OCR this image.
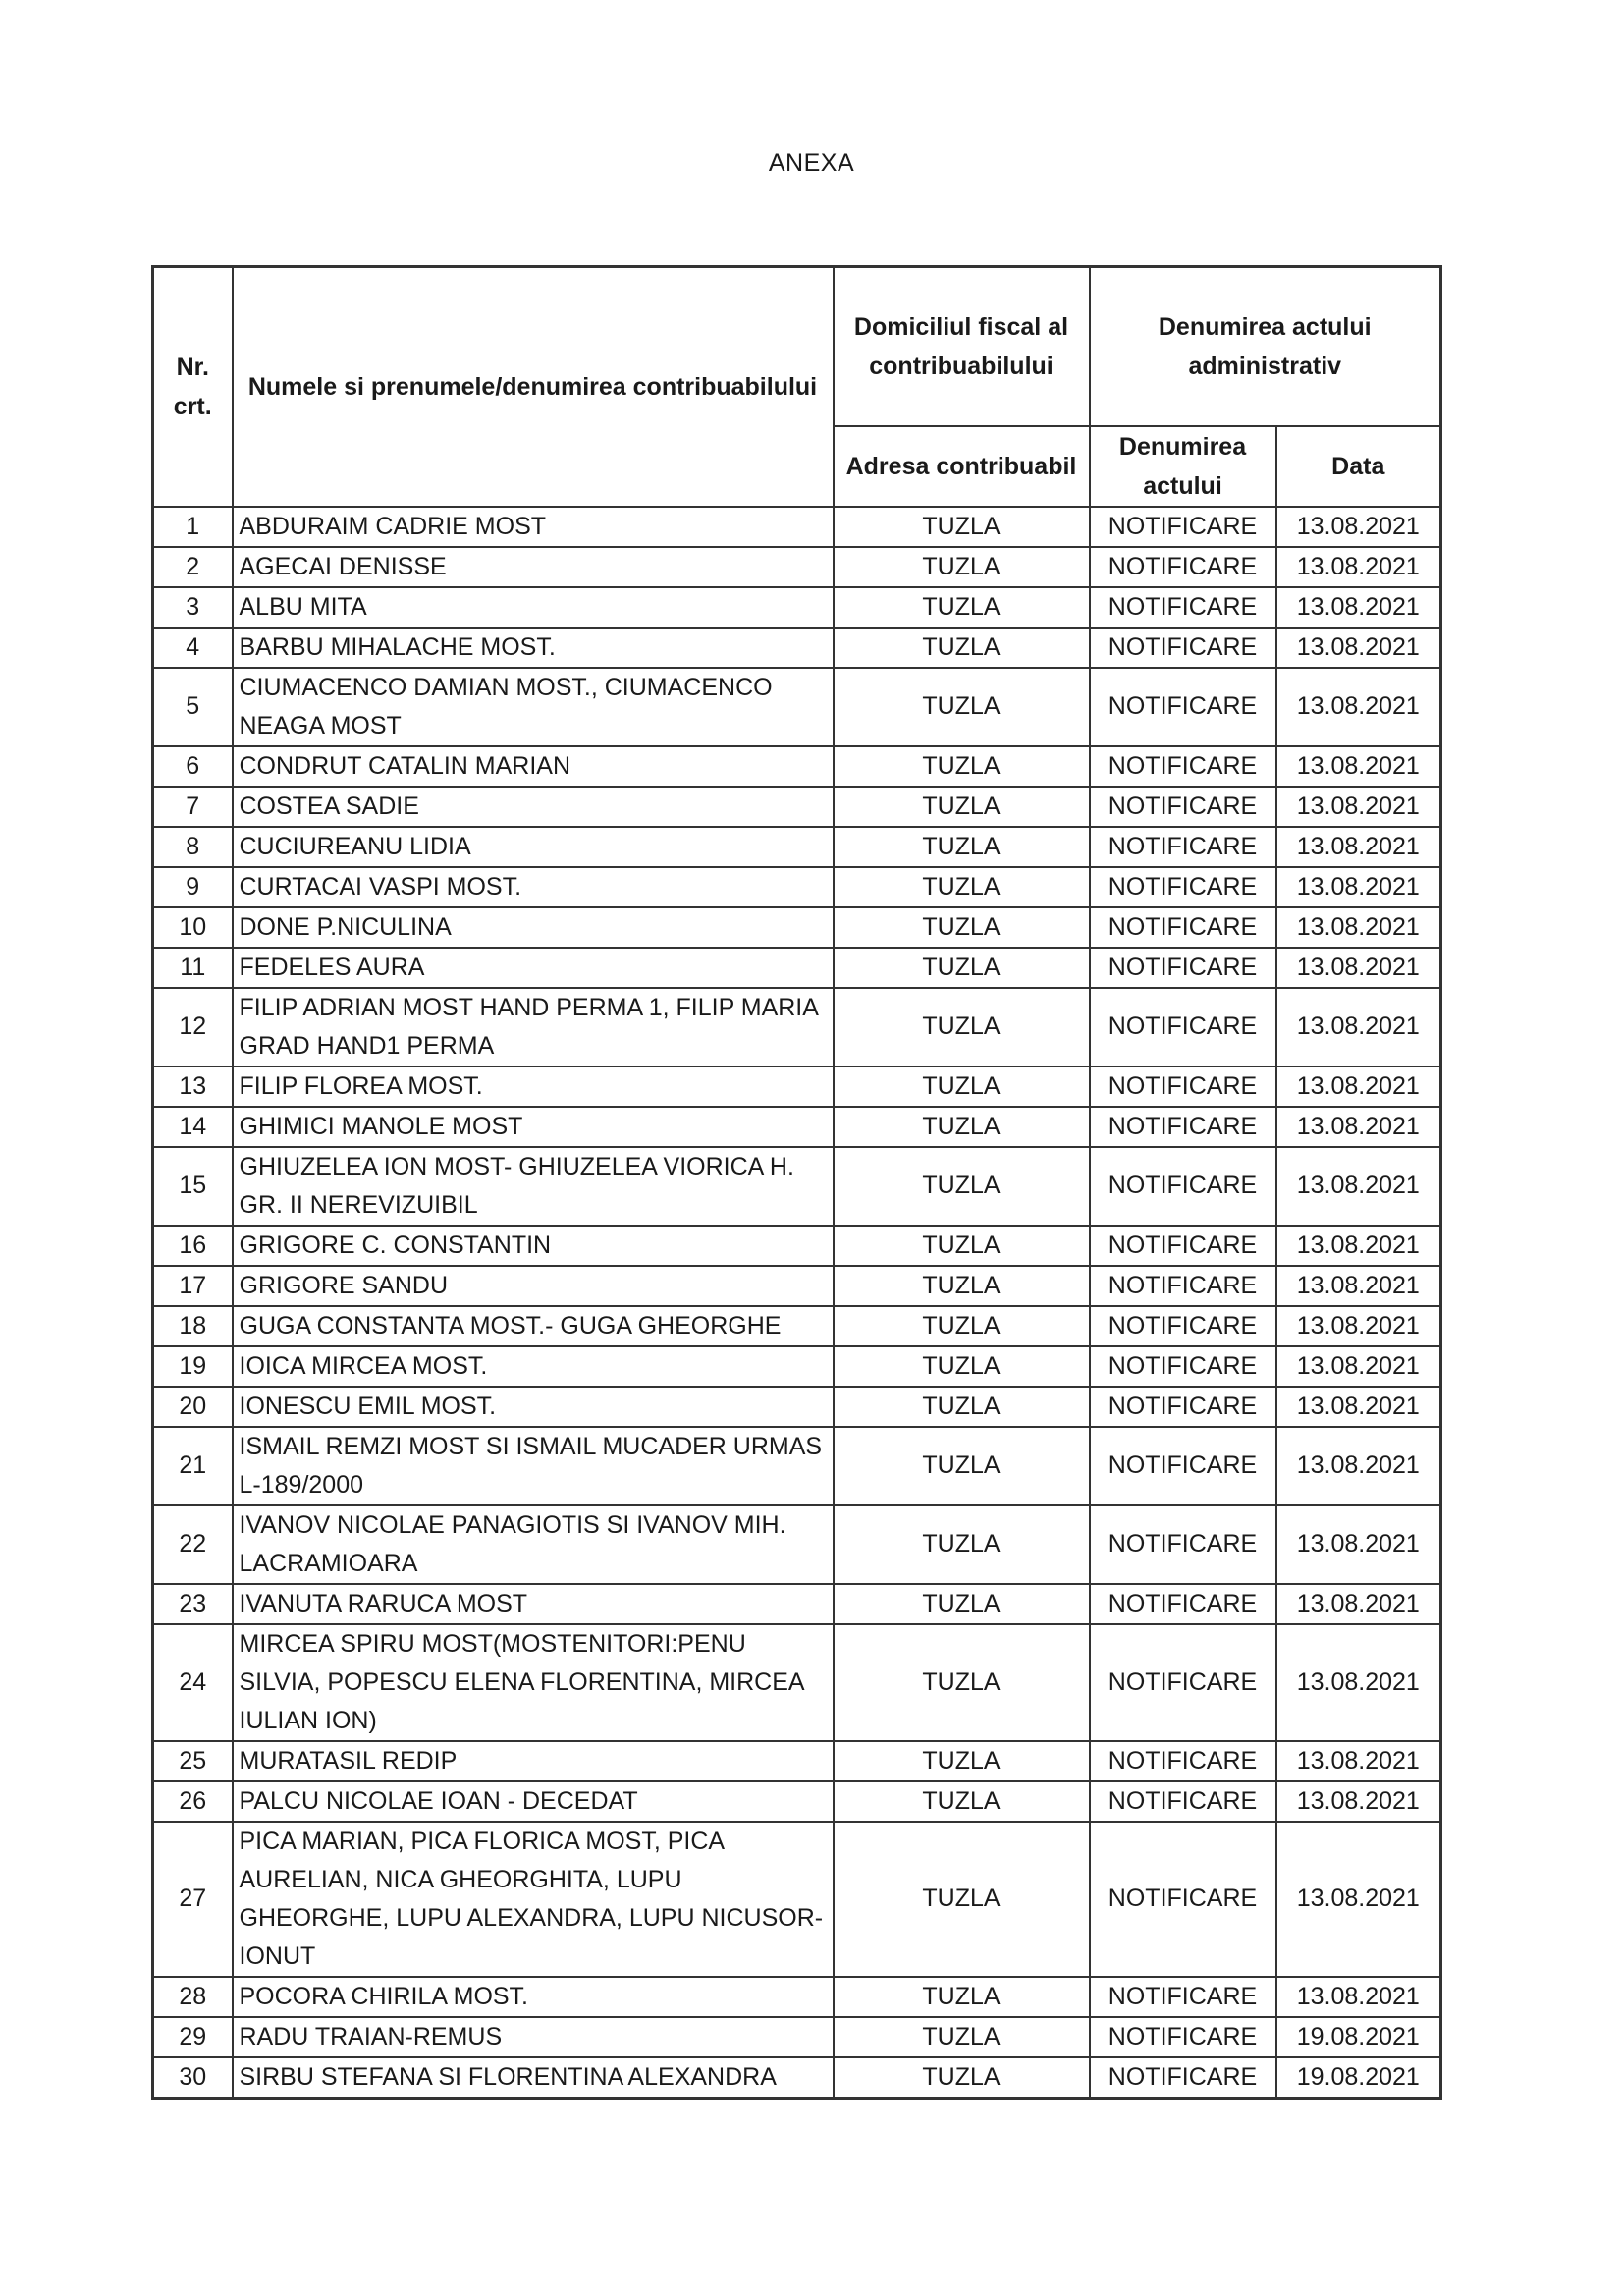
ANEXA
Nr. crt.	Numele si prenumele/denumirea contribuabilului	Domiciliul fiscal al contribuabilului	Denumirea actului administrativ	
		Adresa contribuabil	Denumirea actului	Data
1	ABDURAIM CADRIE MOST	TUZLA	NOTIFICARE	13.08.2021
2	AGECAI DENISSE	TUZLA	NOTIFICARE	13.08.2021
3	ALBU MITA	TUZLA	NOTIFICARE	13.08.2021
4	BARBU MIHALACHE MOST.	TUZLA	NOTIFICARE	13.08.2021
5	CIUMACENCO DAMIAN MOST., CIUMACENCO NEAGA MOST	TUZLA	NOTIFICARE	13.08.2021
6	CONDRUT CATALIN MARIAN	TUZLA	NOTIFICARE	13.08.2021
7	COSTEA SADIE	TUZLA	NOTIFICARE	13.08.2021
8	CUCIUREANU LIDIA	TUZLA	NOTIFICARE	13.08.2021
9	CURTACAI VASPI MOST.	TUZLA	NOTIFICARE	13.08.2021
10	DONE P.NICULINA	TUZLA	NOTIFICARE	13.08.2021
11	FEDELES AURA	TUZLA	NOTIFICARE	13.08.2021
12	FILIP ADRIAN MOST HAND PERMA 1, FILIP MARIA GRAD HAND1 PERMA	TUZLA	NOTIFICARE	13.08.2021
13	FILIP FLOREA MOST.	TUZLA	NOTIFICARE	13.08.2021
14	GHIMICI MANOLE MOST	TUZLA	NOTIFICARE	13.08.2021
15	GHIUZELEA ION MOST- GHIUZELEA VIORICA H. GR. II NEREVIZUIBIL	TUZLA	NOTIFICARE	13.08.2021
16	GRIGORE C. CONSTANTIN	TUZLA	NOTIFICARE	13.08.2021
17	GRIGORE SANDU	TUZLA	NOTIFICARE	13.08.2021
18	GUGA CONSTANTA MOST.- GUGA GHEORGHE	TUZLA	NOTIFICARE	13.08.2021
19	IOICA MIRCEA MOST.	TUZLA	NOTIFICARE	13.08.2021
20	IONESCU EMIL MOST.	TUZLA	NOTIFICARE	13.08.2021
21	ISMAIL REMZI MOST SI ISMAIL MUCADER URMAS L-189/2000	TUZLA	NOTIFICARE	13.08.2021
22	IVANOV NICOLAE PANAGIOTIS SI IVANOV MIH. LACRAMIOARA	TUZLA	NOTIFICARE	13.08.2021
23	IVANUTA RARUCA MOST	TUZLA	NOTIFICARE	13.08.2021
24	MIRCEA SPIRU MOST(MOSTENITORI:PENU SILVIA, POPESCU ELENA FLORENTINA, MIRCEA IULIAN ION)	TUZLA	NOTIFICARE	13.08.2021
25	MURATASIL REDIP	TUZLA	NOTIFICARE	13.08.2021
26	PALCU NICOLAE IOAN - DECEDAT	TUZLA	NOTIFICARE	13.08.2021
27	PICA MARIAN, PICA FLORICA MOST, PICA AURELIAN, NICA GHEORGHITA, LUPU GHEORGHE, LUPU ALEXANDRA, LUPU NICUSOR-IONUT	TUZLA	NOTIFICARE	13.08.2021
28	POCORA CHIRILA MOST.	TUZLA	NOTIFICARE	13.08.2021
29	RADU TRAIAN-REMUS	TUZLA	NOTIFICARE	19.08.2021
30	SIRBU STEFANA SI FLORENTINA ALEXANDRA	TUZLA	NOTIFICARE	19.08.2021
